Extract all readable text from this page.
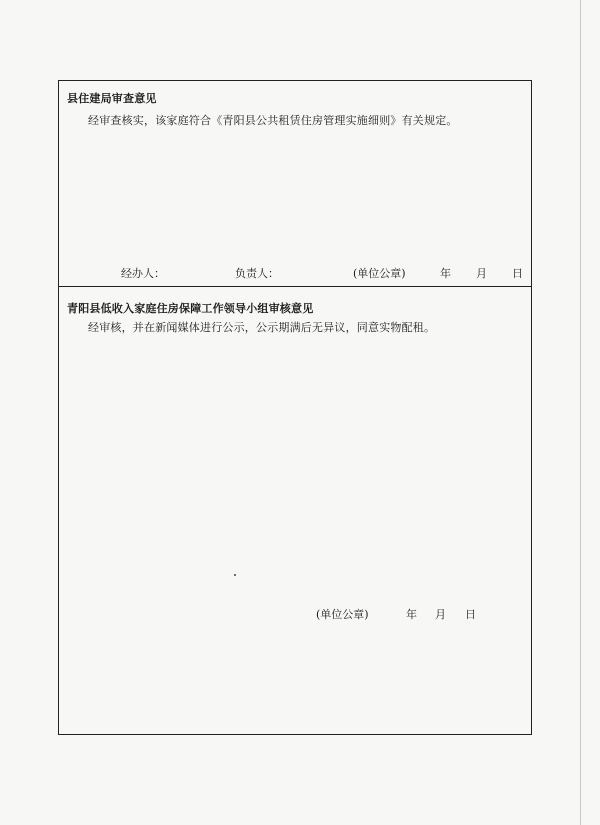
县住建局审查意见
经审查核实，该家庭符合《青阳县公共租赁住房管理实施细则》有关规定。
经办人：	负责人：	(单位公章)	年 月 日
青阳县低收入家庭住房保障工作领导小组审核意见
经审核，并在新闻媒体进行公示，公示期满后无异议，同意实物配租。
(单位公章)	年 月 日
